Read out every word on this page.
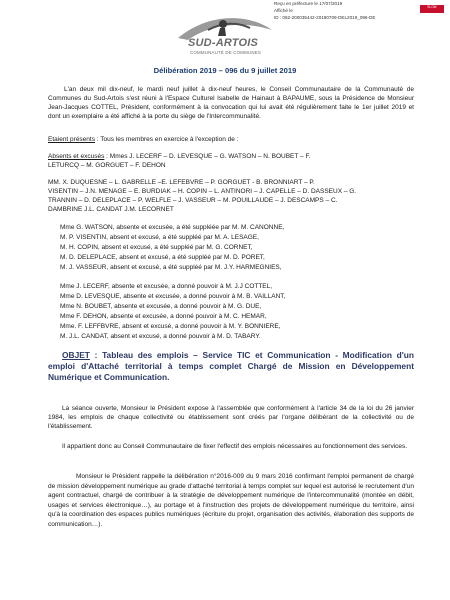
Reçu en préfecture le 17/07/2019
Affiché le
ID : 062-200035442-20190709-DEL2019_096-DE
SLOW
SUD-ARTOIS
COMMUNAUTÉ DE COMMUNES
Délibération 2019 – 096 du 9 juillet 2019
L'an deux mil dix-neuf, le mardi neuf juillet à dix-neuf heures, le Conseil Communautaire de la Communauté de Communes du Sud-Artois s'est réuni à l'Espace Culturel Isabelle de Hainaut à BAPAUME, sous la Présidence de Monsieur Jean-Jacques COTTEL, Président, conformément à la convocation qui lui avait été régulièrement faite le 1er juillet 2019 et dont un exemplaire a été affiché à la porte du siège de l'Intercommunalité.
Etaient présents : Tous les membres en exercice à l'exception de :
Absents et excusés : Mmes J. LECERF – D. LEVESQUE – G. WATSON – N. BOUBET – F.
LETURCQ – M. GORGUET – F. DEHON
MM. X. DUQUESNE – L. GABRELLE –E. LEFEBVRE – P. GORGUET - B. BRONNIART – P.
VISENTIN – J.N. MENAGE – E. BURDIAK – H. COPIN – L. ANTINORI – J. CAPELLE – D. DASSEUX – G.
TRANNIN – D. DELEPLACE – P. WELFLE – J. VASSEUR – M. POUILLAUDE – J. DESCAMPS – C.
DAMBRINE J.L. CANDAT J.M. LECORNET
Mme G. WATSON, absente et excusée, a été suppléée par M. M. CANONNE,
M. P. VISENTIN, absent et excusé, a été suppléé par M. A. LESAGE,
M. H. COPIN, absent et excusé, a été suppléé par M. G. CORNET,
M. D. DELEPLACE, absent et excusé, a été suppléé par M. D. PORET,
M. J. VASSEUR, absent et excusé, a été suppléé par M. J.Y. HARMEGNIES,
Mme J. LECERF, absente et excusée, a donné pouvoir à M. J.J COTTEL,
Mme D. LEVESQUE, absente et excusée, a donné pouvoir à M. B. VAILLANT,
Mme N. BOUBET, absente et excusée, a donné pouvoir à M. G. DUE,
Mme F. DEHON, absente et excusée, a donné pouvoir à M. C. HEMAR,
Mme. F. LEFFBVRE, absent et excusé, a donné pouvoir à M. Y. BONNIERE,
M. J.L. CANDAT, absent et excusé, a donné pouvoir à M. D. TABARY.
OBJET : Tableau des emplois – Service TIC et Communication - Modification d'un emploi d'Attaché territorial à temps complet Chargé de Mission en Développement Numérique et Communication.
La séance ouverte, Monsieur le Président expose à l'assemblée que conformément à l'article 34 de la loi du 26 janvier 1984, les emplois de chaque collectivité ou établissement sont créés par l'organe délibérant de la collectivité ou de l'établissement.
Il appartient donc au Conseil Communautaire de fixer l'effectif des emplois nécessaires au fonctionnement des services.
Monsieur le Président rappelle la délibération n°2016-009 du 9 mars 2016 confirmant l'emploi permanent de chargé de mission développement numérique au grade d'attaché territorial à temps complet sur lequel est autorisé le recrutement d'un agent contractuel, chargé de contribuer à la stratégie de développement numérique de l'intercommunalité (montée en débit, usages et services électronique…), au portage et à l'instruction des projets de développement numérique du territoire, ainsi qu'à la coordination des espaces publics numériques (écriture du projet, organisation des activités, élaboration des supports de communication…).
